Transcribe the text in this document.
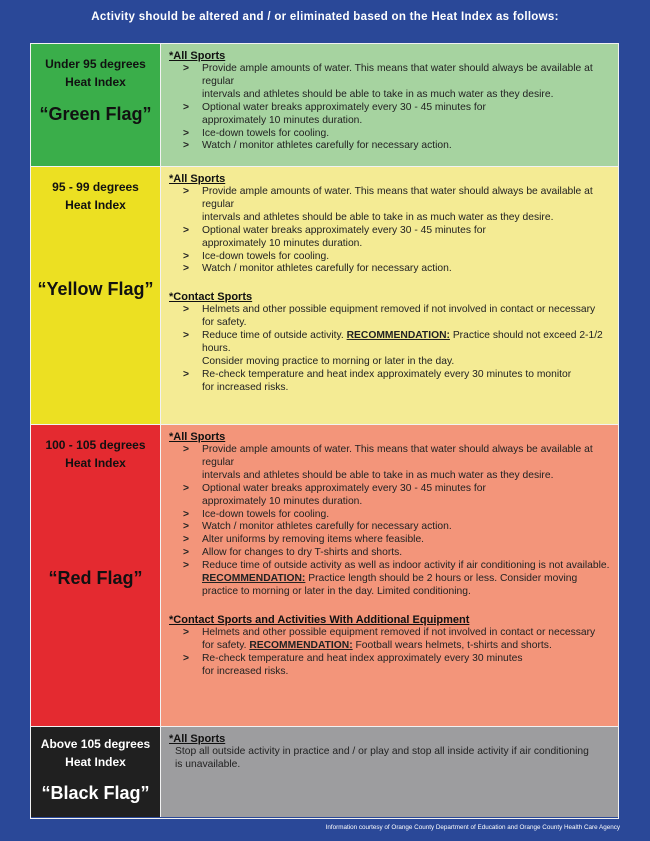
Activity should be altered and / or eliminated based on the Heat Index as follows:
Under 95 degrees
Heat Index
“Green Flag”
*All Sports
> Provide ample amounts of water. This means that water should always be available at regular
intervals and athletes should be able to take in as much water as they desire.
> Optional water breaks approximately every 30 - 45 minutes for
approximately 10 minutes duration.
> Ice-down towels for cooling.
> Watch / monitor athletes carefully for necessary action.
95 - 99 degrees
Heat Index
“Yellow Flag”
*All Sports
> Provide ample amounts of water. This means that water should always be available at regular
intervals and athletes should be able to take in as much water as they desire.
> Optional water breaks approximately every 30 - 45 minutes for
approximately 10 minutes duration.
> Ice-down towels for cooling.
> Watch / monitor athletes carefully for necessary action.
*Contact Sports
> Helmets and other possible equipment removed if not involved in contact or necessary
for safety.
> Reduce time of outside activity. RECOMMENDATION: Practice should not exceed 2-1/2 hours.
Consider moving practice to morning or later in the day.
> Re-check temperature and heat index approximately every 30 minutes to monitor
for increased risks.
100 - 105 degrees
Heat Index
“Red Flag”
*All Sports
> Provide ample amounts of water. This means that water should always be available at regular
intervals and athletes should be able to take in as much water as they desire.
> Optional water breaks approximately every 30 - 45 minutes for
approximately 10 minutes duration.
> Ice-down towels for cooling.
> Watch / monitor athletes carefully for necessary action.
> Alter uniforms by removing items where feasible.
> Allow for changes to dry T-shirts and shorts.
> Reduce time of outside activity as well as indoor activity if air conditioning is not available.
RECOMMENDATION: Practice length should be 2 hours or less. Consider moving
practice to morning or later in the day. Limited conditioning.
*Contact Sports and Activities With Additional Equipment
> Helmets and other possible equipment removed if not involved in contact or necessary
for safety. RECOMMENDATION: Football wears helmets, t-shirts and shorts.
> Re-check temperature and heat index approximately every 30 minutes
for increased risks.
Above 105 degrees
Heat Index
“Black Flag”
*All Sports
Stop all outside activity in practice and / or play and stop all inside activity if air conditioning
is unavailable.
Information courtesy of Orange County Department of Education and Orange County Health Care Agency
